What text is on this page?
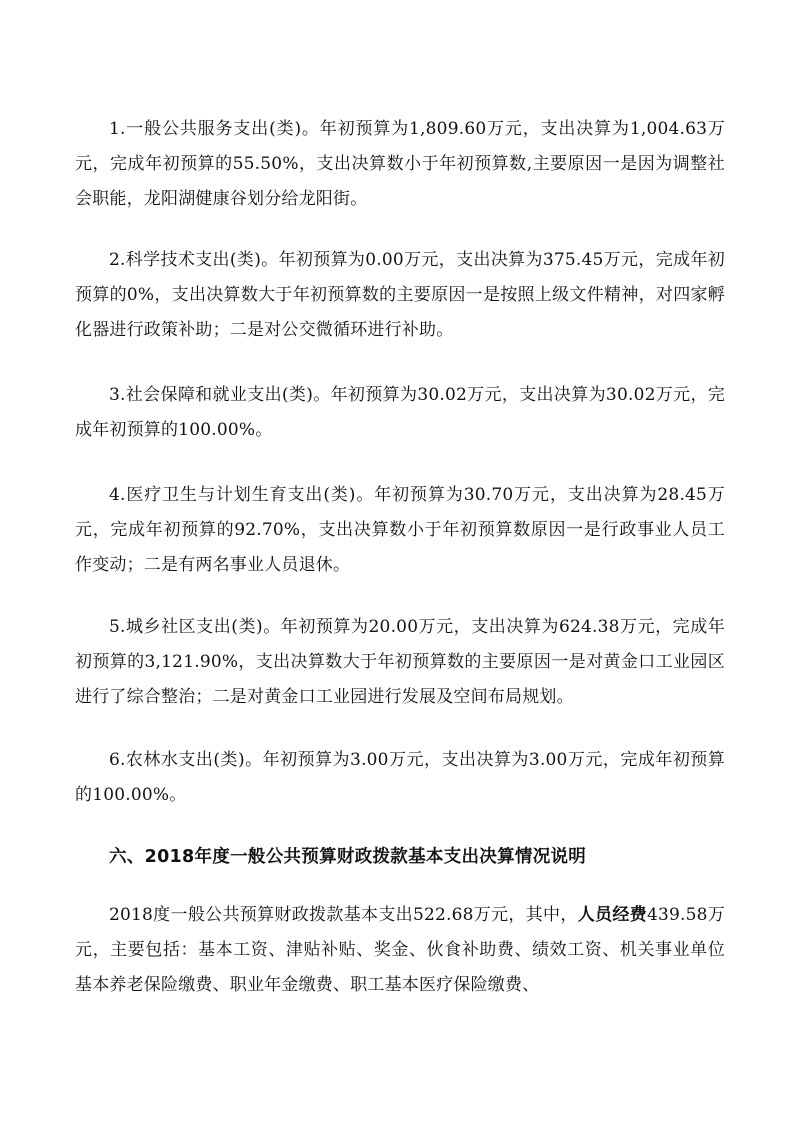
1.一般公共服务支出(类)。年初预算为1,809.60万元，支出决算为1,004.63万元，完成年初预算的55.50%，支出决算数小于年初预算数,主要原因一是因为调整社会职能，龙阳湖健康谷划分给龙阳街。

2.科学技术支出(类)。年初预算为0.00万元，支出决算为375.45万元，完成年初预算的0%，支出决算数大于年初预算数的主要原因一是按照上级文件精神，对四家孵化器进行政策补助；二是对公交微循环进行补助。

3.社会保障和就业支出(类)。年初预算为30.02万元，支出决算为30.02万元，完成年初预算的100.00%。

4.医疗卫生与计划生育支出(类)。年初预算为30.70万元，支出决算为28.45万元，完成年初预算的92.70%，支出决算数小于年初预算数原因一是行政事业人员工作变动；二是有两名事业人员退休。

5.城乡社区支出(类)。年初预算为20.00万元，支出决算为624.38万元，完成年初预算的3,121.90%，支出决算数大于年初预算数的主要原因一是对黄金口工业园区进行了综合整治；二是对黄金口工业园进行发展及空间布局规划。

6.农林水支出(类)。年初预算为3.00万元，支出决算为3.00万元，完成年初预算的100.00%。

六、2018年度一般公共预算财政拨款基本支出决算情况说明

2018度一般公共预算财政拨款基本支出522.68万元，其中，人员经费439.58万元，主要包括：基本工资、津贴补贴、奖金、伙食补助费、绩效工资、机关事业单位基本养老保险缴费、职业年金缴费、职工基本医疗保险缴费、
